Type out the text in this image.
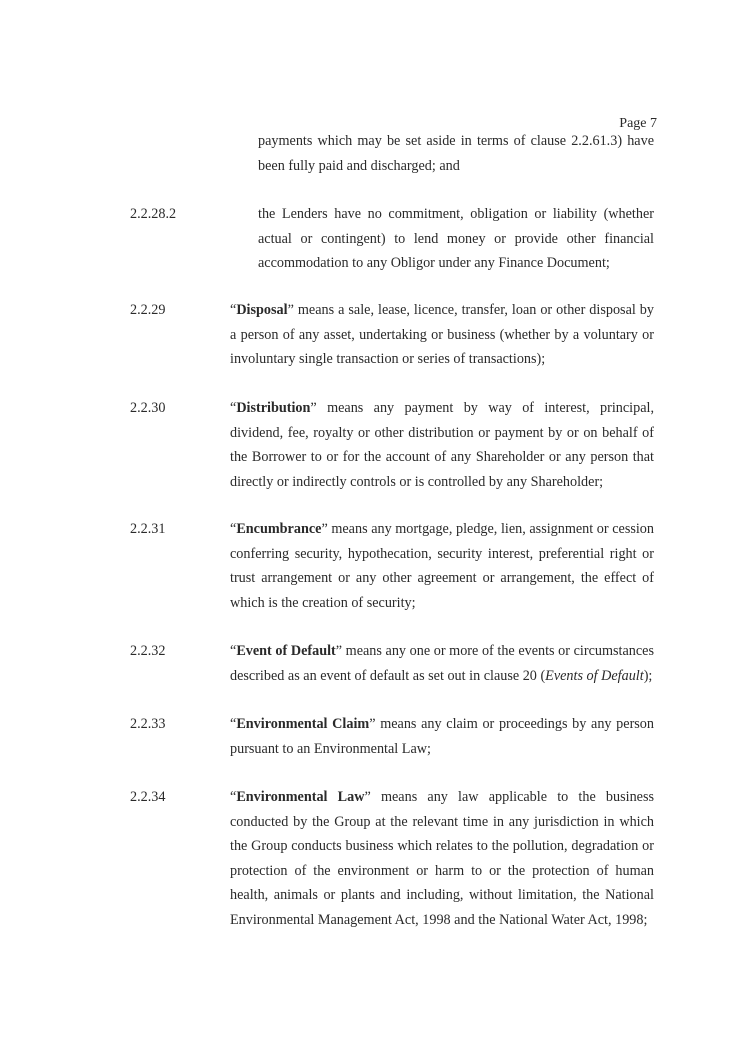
Page 7
payments which may be set aside in terms of clause 2.2.61.3) have been fully paid and discharged; and
2.2.28.2	the Lenders have no commitment, obligation or liability (whether actual or contingent) to lend money or provide other financial accommodation to any Obligor under any Finance Document;
2.2.29	“Disposal” means a sale, lease, licence, transfer, loan or other disposal by a person of any asset, undertaking or business (whether by a voluntary or involuntary single transaction or series of transactions);
2.2.30	“Distribution” means any payment by way of interest, principal, dividend, fee, royalty or other distribution or payment by or on behalf of the Borrower to or for the account of any Shareholder or any person that directly or indirectly controls or is controlled by any Shareholder;
2.2.31	“Encumbrance” means any mortgage, pledge, lien, assignment or cession conferring security, hypothecation, security interest, preferential right or trust arrangement or any other agreement or arrangement, the effect of which is the creation of security;
2.2.32	“Event of Default” means any one or more of the events or circumstances described as an event of default as set out in clause 20 (Events of Default);
2.2.33	“Environmental Claim” means any claim or proceedings by any person pursuant to an Environmental Law;
2.2.34	“Environmental Law” means any law applicable to the business conducted by the Group at the relevant time in any jurisdiction in which the Group conducts business which relates to the pollution, degradation or protection of the environment or harm to or the protection of human health, animals or plants and including, without limitation, the National Environmental Management Act, 1998 and the National Water Act, 1998;
